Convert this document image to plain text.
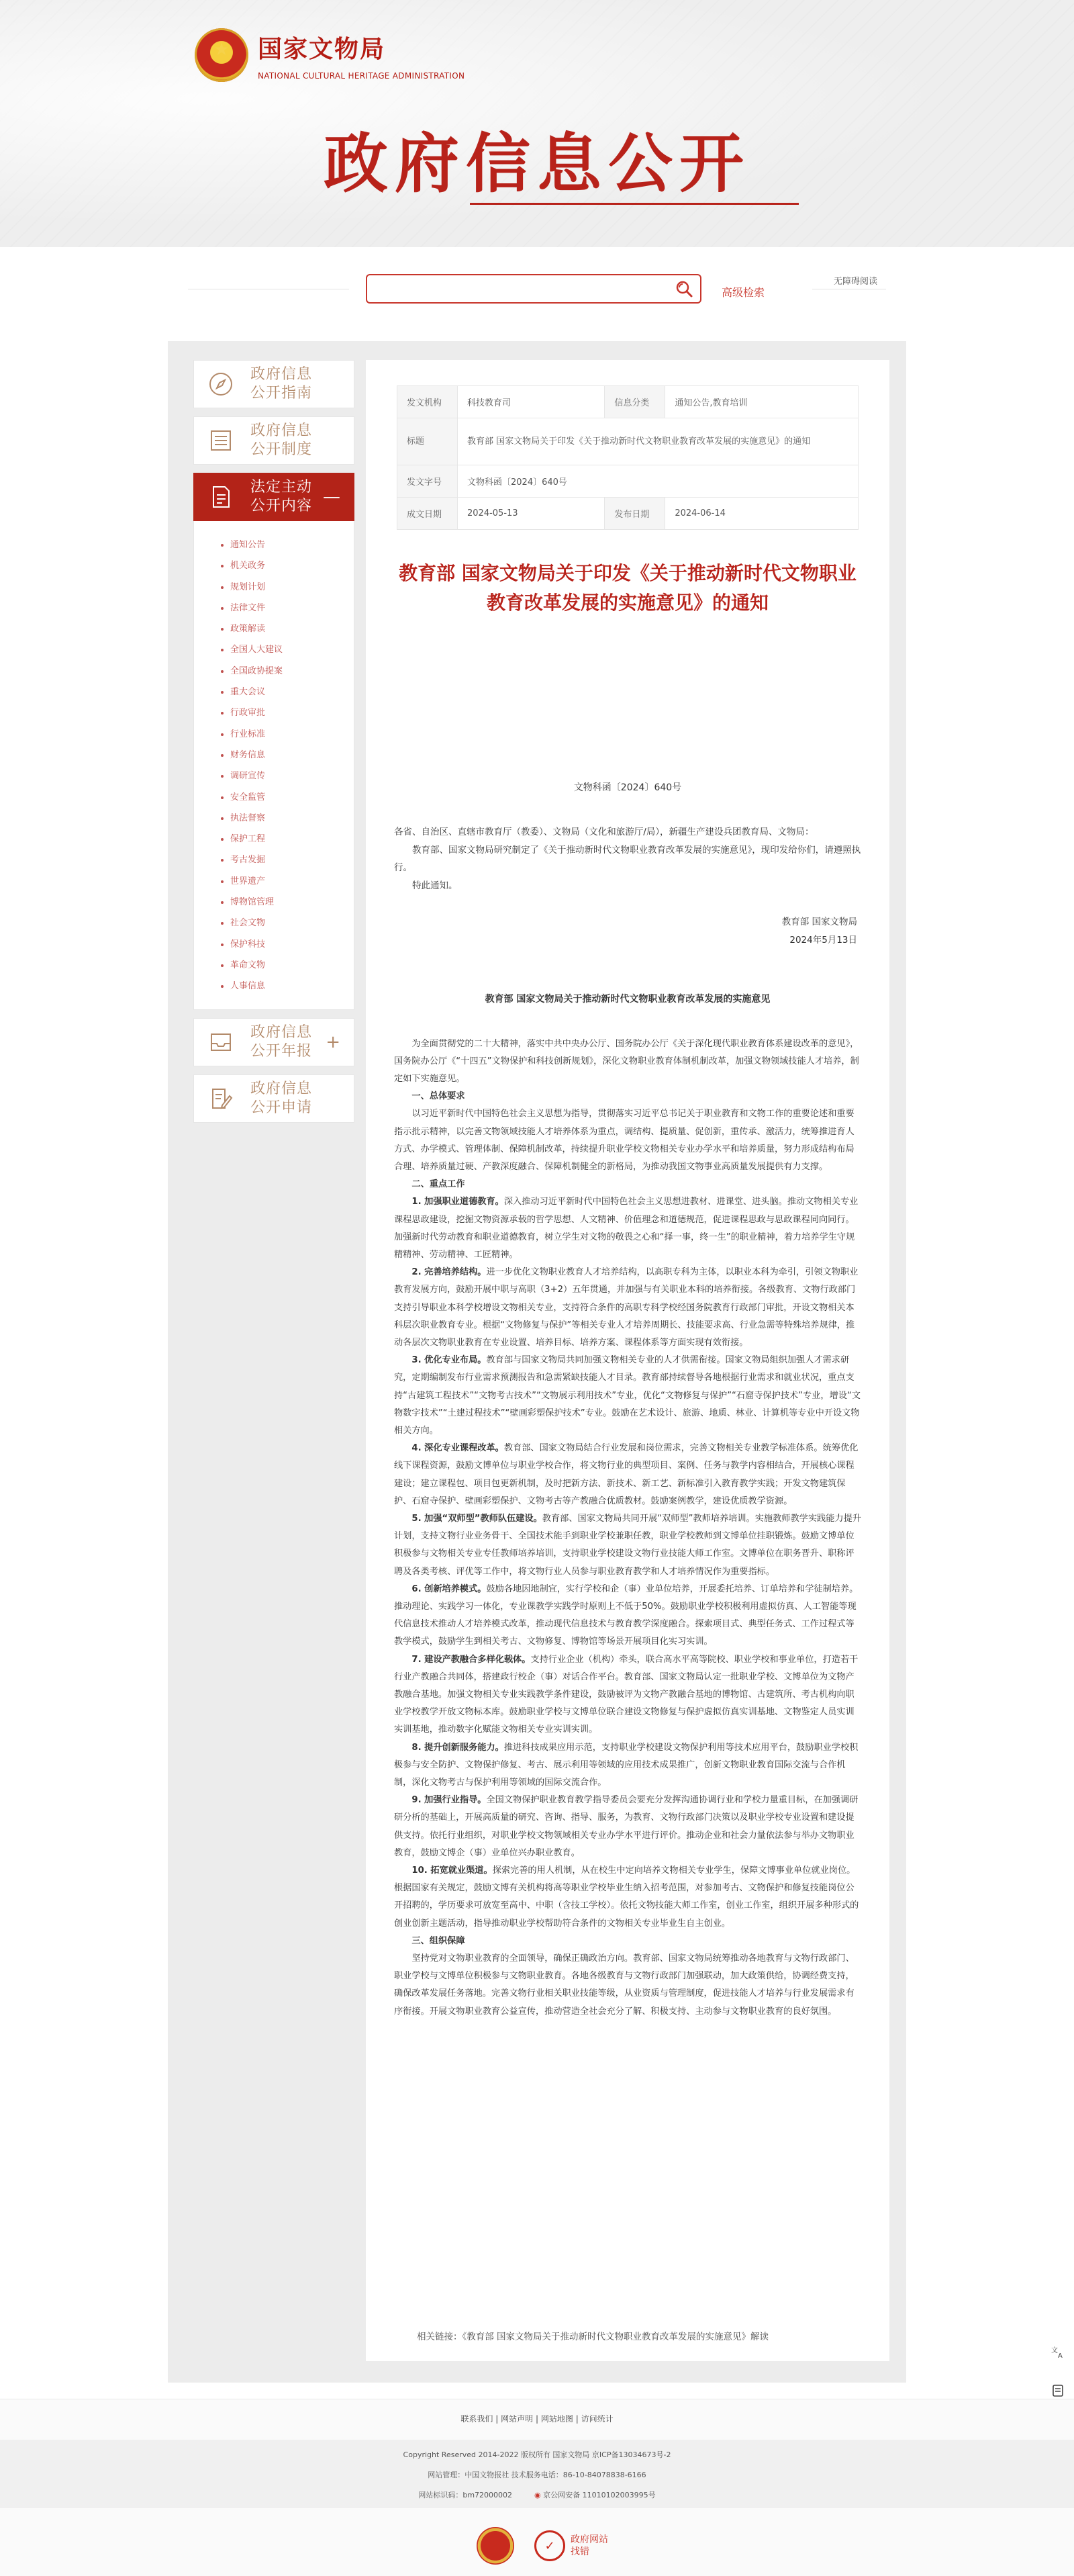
★
国家文物局
NATIONAL CULTURAL HERITAGE ADMINISTRATION
政府信息公开
高级检索
无障碍阅读
政府信息
公开指南
政府信息
公开制度
法定主动
公开内容 —
通知公告
机关政务
规划计划
法律文件
政策解读
全国人大建议
全国政协提案
重大会议
行政审批
行业标准
财务信息
调研宣传
安全监管
执法督察
保护工程
考古发掘
世界遗产
博物馆管理
社会文物
保护科技
革命文物
人事信息
政府信息
公开年报 +
政府信息
公开申请
发文机构	科技教育司	信息分类	通知公告,教育培训
标题	教育部 国家文物局关于印发《关于推动新时代文物职业教育改革发展的实施意见》的通知		
发文字号	文物科函〔2024〕640号		
成文日期	2024-05-13	发布日期	2024-06-14
教育部 国家文物局关于印发《关于推动新时代文物职业教育改革发展的实施意见》的通知
文物科函〔2024〕640号

各省、自治区、直辖市教育厅（教委）、文物局（文化和旅游厅/局），新疆生产建设兵团教育局、文物局：

教育部、国家文物局研究制定了《关于推动新时代文物职业教育改革发展的实施意见》，现印发给你们，请遵照执行。

特此通知。

教育部 国家文物局

2024年5月13日

教育部 国家文物局关于推动新时代文物职业教育改革发展的实施意见

为全面贯彻党的二十大精神，落实中共中央办公厅、国务院办公厅《关于深化现代职业教育体系建设改革的意见》，国务院办公厅《“十四五”文物保护和科技创新规划》，深化文物职业教育体制机制改革，加强文物领域技能人才培养，制定如下实施意见。

一、总体要求

以习近平新时代中国特色社会主义思想为指导，贯彻落实习近平总书记关于职业教育和文物工作的重要论述和重要指示批示精神，以完善文物领域技能人才培养体系为重点，调结构、提质量、促创新，重传承、激活力，统筹推进育人方式、办学模式、管理体制、保障机制改革，持续提升职业学校文物相关专业办学水平和培养质量，努力形成结构布局合理、培养质量过硬、产教深度融合、保障机制健全的新格局，为推动我国文物事业高质量发展提供有力支撑。

二、重点工作

1. 加强职业道德教育。深入推动习近平新时代中国特色社会主义思想进教材、进课堂、进头脑。推动文物相关专业课程思政建设，挖掘文物资源承载的哲学思想、人文精神、价值理念和道德规范，促进课程思政与思政课程同向同行。加强新时代劳动教育和职业道德教育，树立学生对文物的敬畏之心和“择一事，终一生”的职业精神，着力培养学生守规精精神、劳动精神、工匠精神。

2. 完善培养结构。进一步优化文物职业教育人才培养结构，以高职专科为主体，以职业本科为牵引，引领文物职业教育发展方向，鼓励开展中职与高职（3+2）五年贯通，并加强与有关职业本科的培养衔接。各级教育、文物行政部门支持引导职业本科学校增设文物相关专业，支持符合条件的高职专科学校经国务院教育行政部门审批，开设文物相关本科层次职业教育专业。根据“文物修复与保护”等相关专业人才培养周期长、技能要求高、行业急需等特殊培养规律，推动各层次文物职业教育在专业设置、培养目标、培养方案、课程体系等方面实现有效衔接。

3. 优化专业布局。教育部与国家文物局共同加强文物相关专业的人才供需衔接。国家文物局组织加强人才需求研究，定期编制发布行业需求预测报告和急需紧缺技能人才目录。教育部持续督导各地根据行业需求和就业状况，重点支持“古建筑工程技术”“文物考古技术”“文物展示利用技术”专业，优化“文物修复与保护”“石窟寺保护技术”专业，增设“文物数字技术”“土建过程技术”“壁画彩塑保护技术”专业。鼓励在艺术设计、旅游、地质、林业、计算机等专业中开设文物相关方向。

4. 深化专业课程改革。教育部、国家文物局结合行业发展和岗位需求，完善文物相关专业教学标准体系。统筹优化线下课程资源，鼓励文博单位与职业学校合作，将文物行业的典型项目、案例、任务与教学内容相结合，开展核心课程建设；建立课程包、项目包更新机制，及时把新方法、新技术、新工艺、新标准引入教育教学实践；开发文物建筑保护、石窟寺保护、壁画彩塑保护、文物考古等产教融合优质教材。鼓励案例教学，建设优质教学资源。

5. 加强“双师型”教师队伍建设。教育部、国家文物局共同开展“双师型”教师培养培训。实施教师教学实践能力提升计划，支持文物行业业务骨干、全国技术能手到职业学校兼职任教，职业学校教师到文博单位挂职锻炼。鼓励文博单位积极参与文物相关专业专任教师培养培训，支持职业学校建设文物行业技能大师工作室。文博单位在职务晋升、职称评聘及各类考核、评优等工作中，将文物行业人员参与职业教育教学和人才培养情况作为重要指标。

6. 创新培养模式。鼓励各地因地制宜，实行学校和企（事）业单位培养，开展委托培养、订单培养和学徒制培养。推动理论、实践学习一体化，专业课教学实践学时原则上不低于50%。鼓励职业学校积极利用虚拟仿真、人工智能等现代信息技术推动人才培养模式改革，推动现代信息技术与教育教学深度融合。探索项目式、典型任务式、工作过程式等教学模式，鼓励学生到相关考古、文物修复、博物馆等场景开展项目化实习实训。

7. 建设产教融合多样化载体。支持行业企业（机构）牵头，联合高水平高等院校、职业学校和事业单位，打造若干行业产教融合共同体，搭建政行校企（事）对话合作平台。教育部、国家文物局认定一批职业学校、文博单位为文物产教融合基地。加强文物相关专业实践教学条件建设，鼓励被评为文物产教融合基地的博物馆、古建筑所、考古机构向职业学校教学开放文物标本库。鼓励职业学校与文博单位联合建设文物修复与保护虚拟仿真实训基地、文物鉴定人员实训实训基地，推动数字化赋能文物相关专业实训实训。

8. 提升创新服务能力。推进科技成果应用示范，支持职业学校建设文物保护利用等技术应用平台，鼓励职业学校积极参与安全防护、文物保护修复、考古、展示利用等领域的应用技术成果推广，创新文物职业教育国际交流与合作机制，深化文物考古与保护利用等领域的国际交流合作。

9. 加强行业指导。全国文物保护职业教育教学指导委员会要充分发挥沟通协调行业和学校力量重目标，在加强调研研分析的基础上，开展高质量的研究、咨询、指导、服务，为教育、文物行政部门决策以及职业学校专业设置和建设提供支持。依托行业组织，对职业学校文物领域相关专业办学水平进行评价。推动企业和社会力量依法参与举办文物职业教育，鼓励文博企（事）业单位兴办职业教育。

10. 拓宽就业渠道。探索完善的用人机制，从在校生中定向培养文物相关专业学生，保障文博事业单位就业岗位。根据国家有关规定，鼓励文博有关机构将高等职业学校毕业生纳入招考范围，对参加考古、文物保护和修复技能岗位公开招聘的，学历要求可放宽至高中、中职（含技工学校）。依托文物技能大师工作室，创业工作室，组织开展多种形式的创业创新主题活动，指导推动职业学校帮助符合条件的文物相关专业毕业生自主创业。

三、组织保障

坚持党对文物职业教育的全面领导，确保正确政治方向。教育部、国家文物局统筹推动各地教育与文物行政部门、职业学校与文博单位积极参与文物职业教育。各地各级教育与文物行政部门加强联动，加大政策供给，协调经费支持，确保改革发展任务落地。完善文物行业相关职业技能等级，从业资质与管理制度，促进技能人才培养与行业发展需求有序衔接。开展文物职业教育公益宣传，推动营造全社会充分了解、积极支持、主动参与文物职业教育的良好氛围。

相关链接：《教育部 国家文物局关于推动新时代文物职业教育改革发展的实施意见》解读
文
A
联系我们 | 网站声明 | 网站地图 | 访问统计
Copyright Reserved 2014-2022 版权所有 国家文物局 京ICP备13034673号-2
网站管理：中国文物报社 技术服务电话：86-10-84078838-6166
网站标识码：bm72000002	◉ 京公网安备 11010102003995号
✓	政府网站
找错
